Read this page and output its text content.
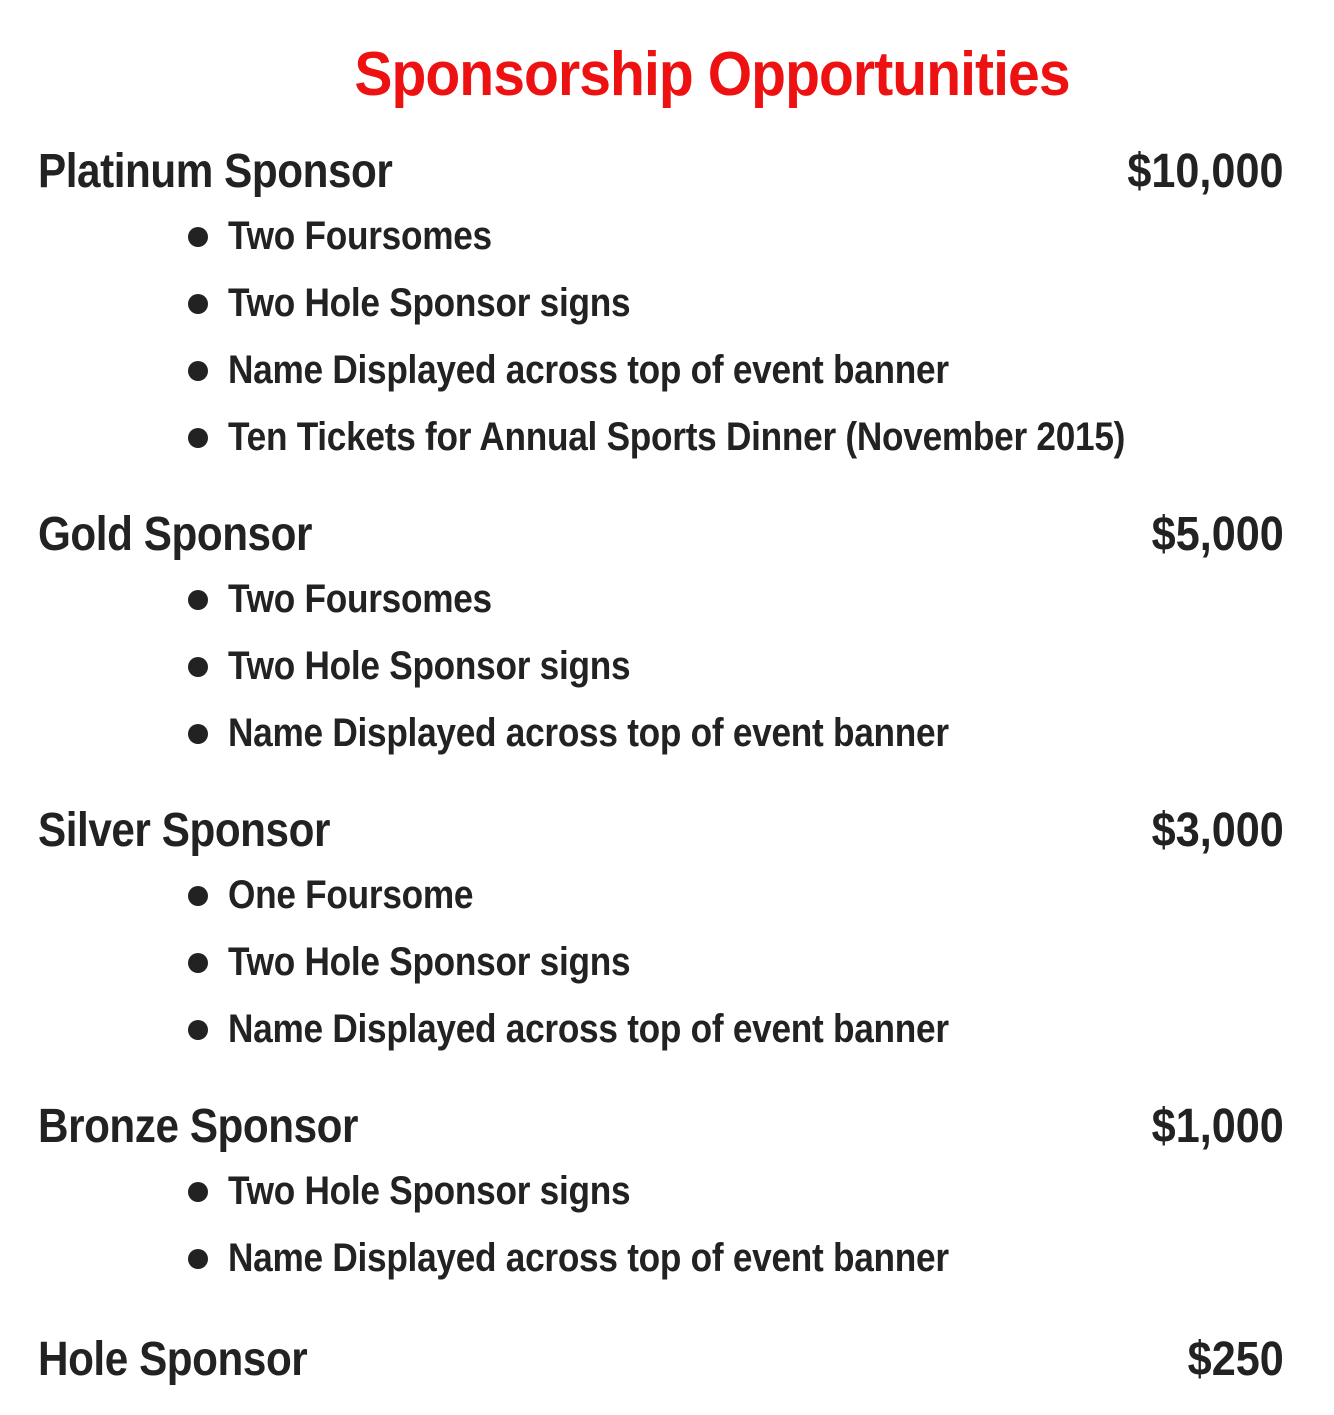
Sponsorship Opportunities
Platinum Sponsor	$10,000
Two Foursomes
Two Hole Sponsor signs
Name Displayed across top of event banner
Ten Tickets for Annual Sports Dinner (November 2015)
Gold Sponsor	$5,000
Two Foursomes
Two Hole Sponsor signs
Name Displayed across top of event banner
Silver Sponsor	$3,000
One Foursome
Two Hole Sponsor signs
Name Displayed across top of event banner
Bronze Sponsor	$1,000
Two Hole Sponsor signs
Name Displayed across top of event banner
Hole Sponsor	$250
